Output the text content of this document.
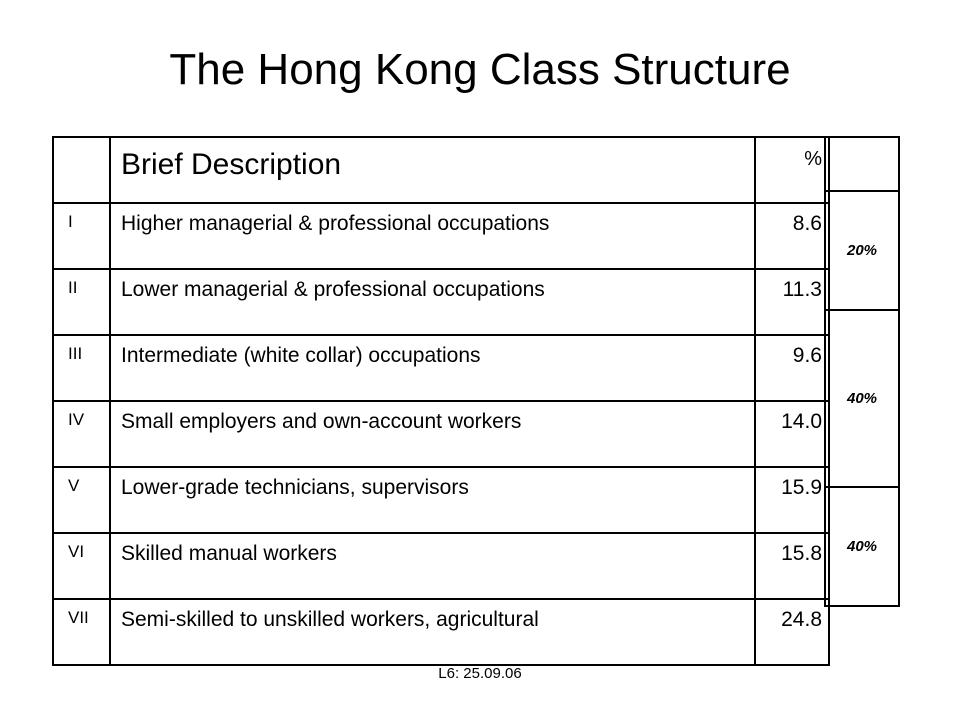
The Hong Kong Class Structure
	Brief Description	%
I	Higher managerial & professional occupations	8.6
II	Lower managerial & professional occupations	11.3
III	Intermediate (white collar) occupations	9.6
IV	Small employers and own-account workers	14.0
V	Lower-grade technicians, supervisors	15.9
VI	Skilled manual workers	15.8
VII	Semi-skilled to unskilled workers, agricultural	24.8

20%
40%
40%
L6: 25.09.06
